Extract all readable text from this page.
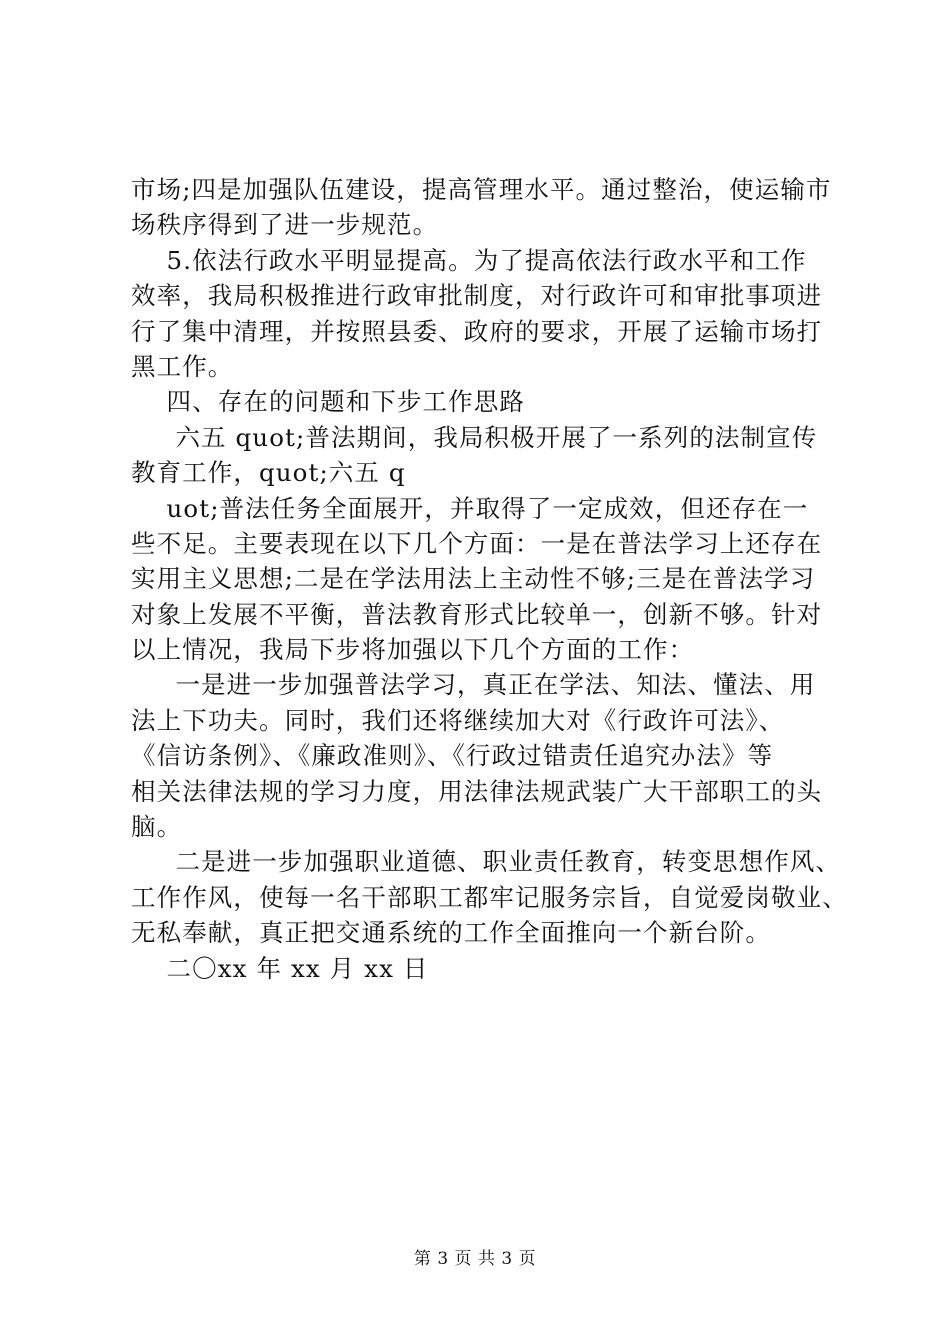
市场;四是加强队伍建设，提高管理水平。通过整治，使运输市
场秩序得到了进一步规范。
5.依法行政水平明显提高。为了提高依法行政水平和工作
效率，我局积极推进行政审批制度，对行政许可和审批事项进
行了集中清理，并按照县委、政府的要求，开展了运输市场打
黑工作。
四、存在的问题和下步工作思路
六五 quot;普法期间，我局积极开展了一系列的法制宣传
教育工作，quot;六五 q
uot;普法任务全面展开，并取得了一定成效，但还存在一
些不足。主要表现在以下几个方面：一是在普法学习上还存在
实用主义思想;二是在学法用法上主动性不够;三是在普法学习
对象上发展不平衡，普法教育形式比较单一，创新不够。针对
以上情况，我局下步将加强以下几个方面的工作：
一是进一步加强普法学习，真正在学法、知法、懂法、用
法上下功夫。同时，我们还将继续加大对《行政许可法》、
《信访条例》、《廉政准则》、《行政过错责任追究办法》等
相关法律法规的学习力度，用法律法规武装广大干部职工的头
脑。
二是进一步加强职业道德、职业责任教育，转变思想作风、
工作作风，使每一名干部职工都牢记服务宗旨，自觉爱岗敬业、
无私奉献，真正把交通系统的工作全面推向一个新台阶。
二〇xx 年 xx 月 xx 日
第 3 页 共 3 页
